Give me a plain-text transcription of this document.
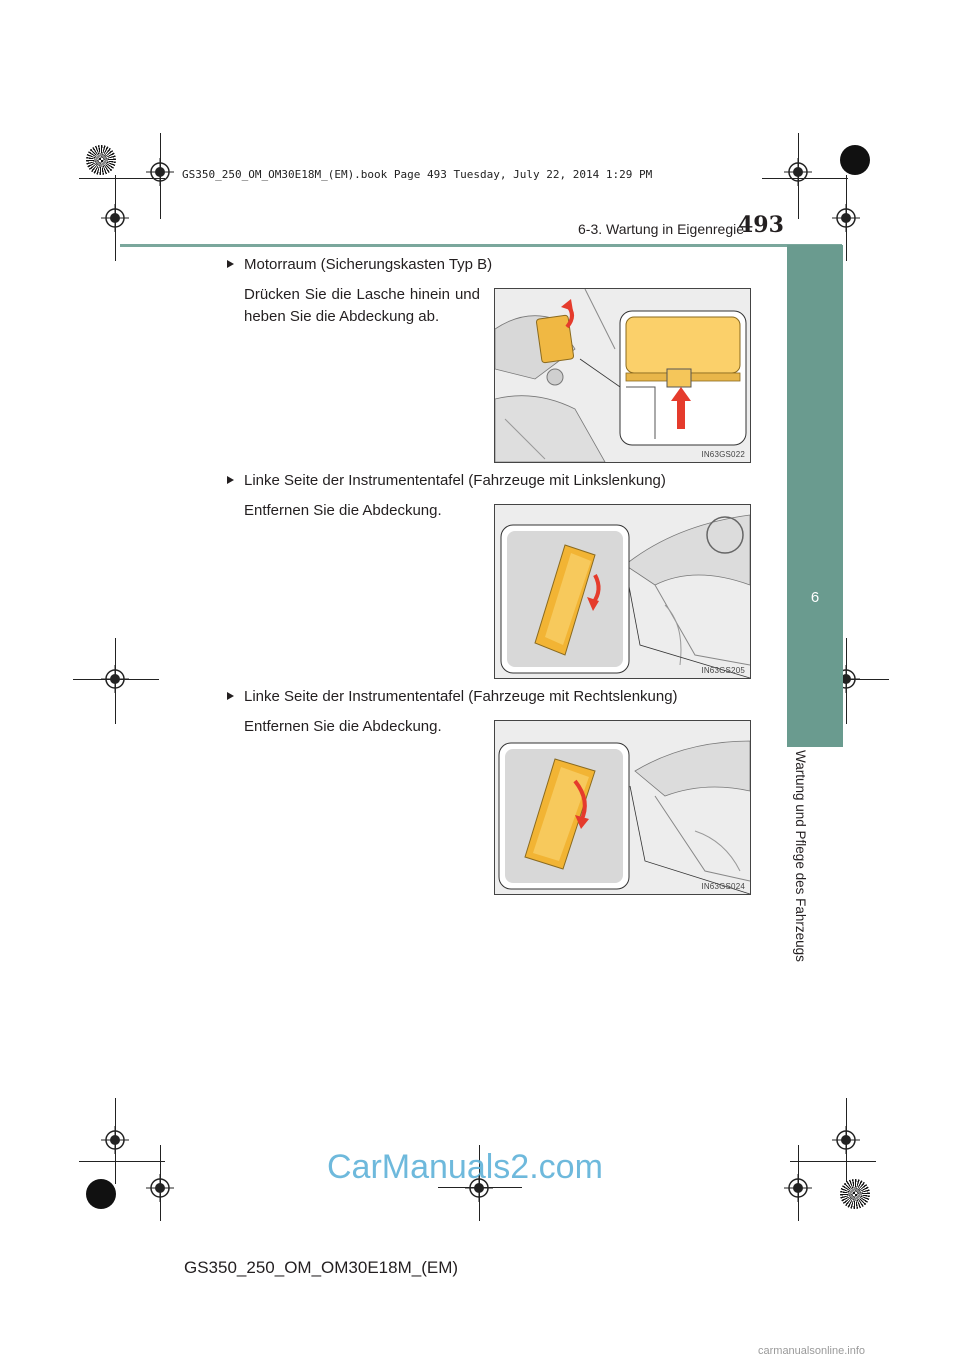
GS350_250_OM_OM30E18M_(EM).book Page 493 Tuesday, July 22, 2014 1:29 PM
6-3. Wartung in Eigenregie
493
6
Wartung und Pflege des Fahrzeugs
Motorraum (Sicherungskasten Typ B)
Drücken Sie die Lasche hinein und heben Sie die Abdeckung ab.
IN63GS022
Linke Seite der Instrumententafel (Fahrzeuge mit Linkslenkung)
Entfernen Sie die Abdeckung.
IN63GS205
Linke Seite der Instrumententafel (Fahrzeuge mit Rechtslenkung)
Entfernen Sie die Abdeckung.
IN63GS024
CarManuals2.com
GS350_250_OM_OM30E18M_(EM)
carmanualsonline.info
